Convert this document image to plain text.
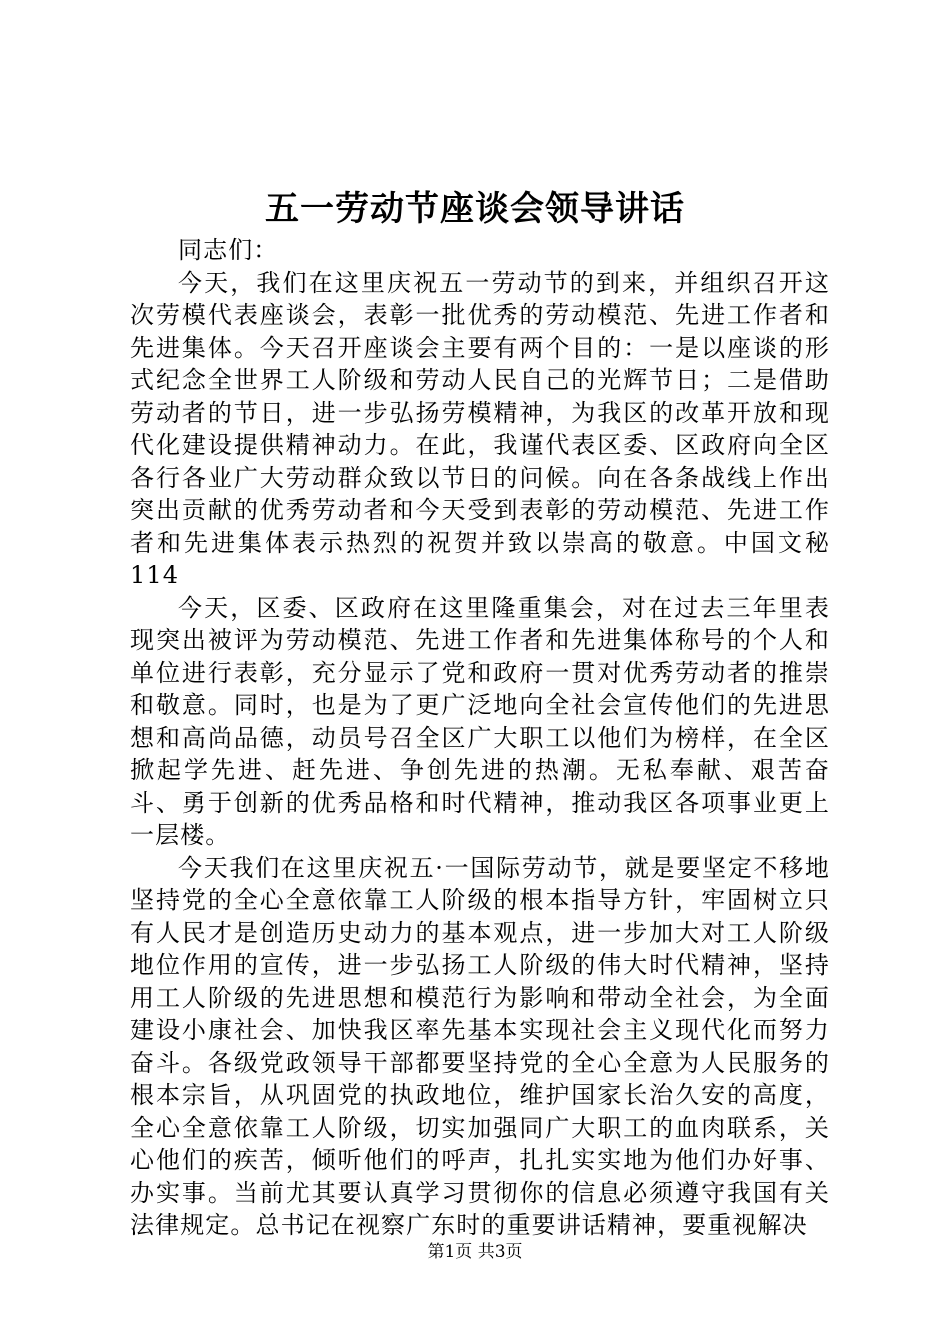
五一劳动节座谈会领导讲话

同志们：

今天，我们在这里庆祝五一劳动节的到来，并组织召开这次劳模代表座谈会，表彰一批优秀的劳动模范、先进工作者和先进集体。今天召开座谈会主要有两个目的：一是以座谈的形式纪念全世界工人阶级和劳动人民自己的光辉节日；二是借助劳动者的节日，进一步弘扬劳模精神，为我区的改革开放和现代化建设提供精神动力。在此，我谨代表区委、区政府向全区各行各业广大劳动群众致以节日的问候。向在各条战线上作出突出贡献的优秀劳动者和今天受到表彰的劳动模范、先进工作者和先进集体表示热烈的祝贺并致以崇高的敬意。中国文秘114

今天，区委、区政府在这里隆重集会，对在过去三年里表现突出被评为劳动模范、先进工作者和先进集体称号的个人和单位进行表彰，充分显示了党和政府一贯对优秀劳动者的推崇和敬意。同时，也是为了更广泛地向全社会宣传他们的先进思想和高尚品德，动员号召全区广大职工以他们为榜样，在全区掀起学先进、赶先进、争创先进的热潮。无私奉献、艰苦奋斗、勇于创新的优秀品格和时代精神，推动我区各项事业更上一层楼。

今天我们在这里庆祝五·一国际劳动节，就是要坚定不移地坚持党的全心全意依靠工人阶级的根本指导方针，牢固树立只有人民才是创造历史动力的基本观点，进一步加大对工人阶级地位作用的宣传，进一步弘扬工人阶级的伟大时代精神，坚持用工人阶级的先进思想和模范行为影响和带动全社会，为全面建设小康社会、加快我区率先基本实现社会主义现代化而努力奋斗。各级党政领导干部都要坚持党的全心全意为人民服务的根本宗旨，从巩固党的执政地位，维护国家长治久安的高度，全心全意依靠工人阶级，切实加强同广大职工的血肉联系，关心他们的疾苦，倾听他们的呼声，扎扎实实地为他们办好事、办实事。当前尤其要认真学习贯彻你的信息必须遵守我国有关法律规定。总书记在视察广东时的重要讲话精神，要重视解决

第1页 共3页
